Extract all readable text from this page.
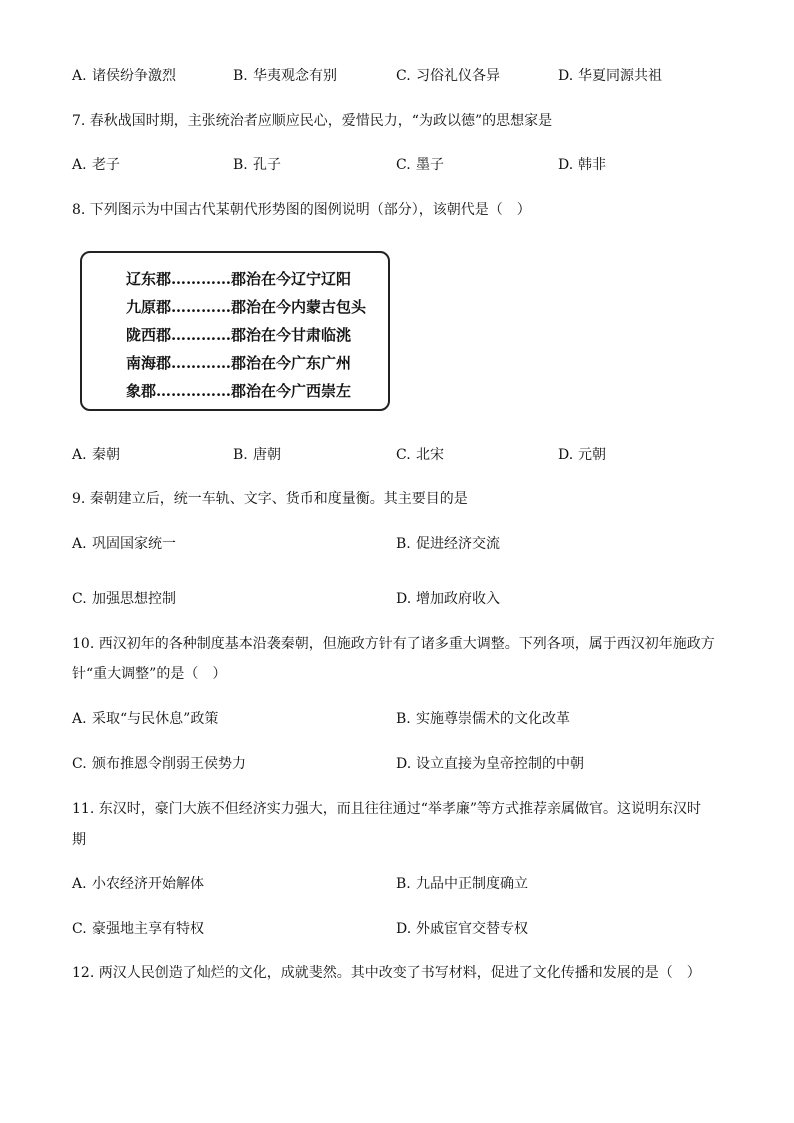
A. 诸侯纷争激烈	B. 华夷观念有别	C. 习俗礼仪各异	D. 华夏同源共祖
7. 春秋战国时期，主张统治者应顺应民心，爱惜民力，“为政以德”的思想家是
A. 老子	B. 孔子	C. 墨子	D. 韩非
8. 下列图示为中国古代某朝代形势图的图例说明（部分），该朝代是（　）
辽东郡…………郡治在今辽宁辽阳
九原郡…………郡治在今内蒙古包头
陇西郡…………郡治在今甘肃临洮
南海郡…………郡治在今广东广州
象郡……………郡治在今广西崇左
A. 秦朝	B. 唐朝	C. 北宋	D. 元朝
9. 秦朝建立后，统一车轨、文字、货币和度量衡。其主要目的是
A. 巩固国家统一	B. 促进经济交流
C. 加强思想控制	D. 增加政府收入
10. 西汉初年的各种制度基本沿袭秦朝，但施政方针有了诸多重大调整。下列各项，属于西汉初年施政方
针“重大调整”的是（　）
A. 采取“与民休息”政策	B. 实施尊崇儒术的文化改革
C. 颁布推恩令削弱王侯势力	D. 设立直接为皇帝控制的中朝
11. 东汉时，豪门大族不但经济实力强大，而且往往通过“举孝廉”等方式推荐亲属做官。这说明东汉时
期
A. 小农经济开始解体	B. 九品中正制度确立
C. 豪强地主享有特权	D. 外戚宦官交替专权
12. 两汉人民创造了灿烂的文化，成就斐然。其中改变了书写材料，促进了文化传播和发展的是（　）
